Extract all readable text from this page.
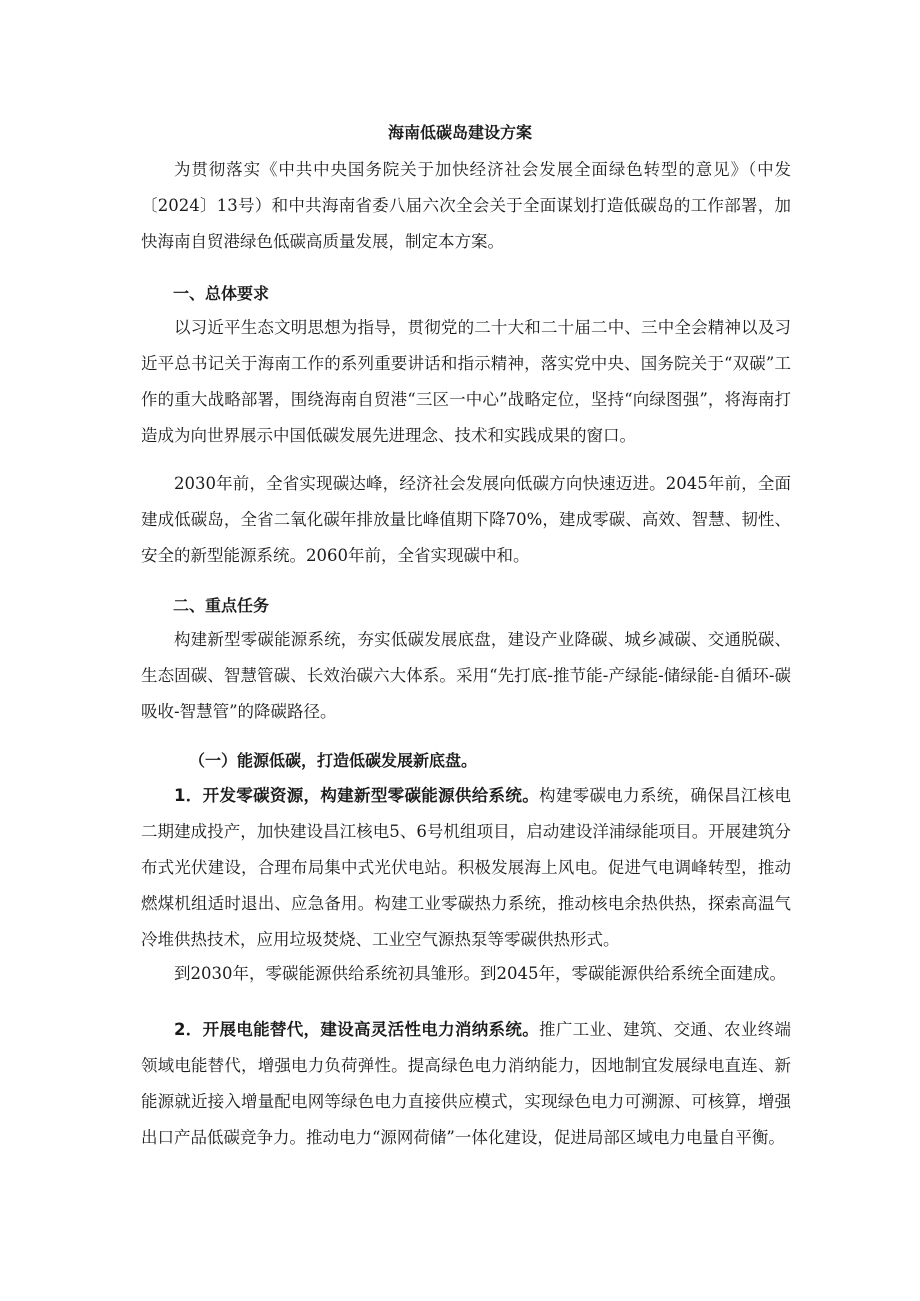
海南低碳岛建设方案

为贯彻落实《中共中央国务院关于加快经济社会发展全面绿色转型的意见》（中发〔2024〕13号）和中共海南省委八届六次全会关于全面谋划打造低碳岛的工作部署，加快海南自贸港绿色低碳高质量发展，制定本方案。

一、总体要求

以习近平生态文明思想为指导，贯彻党的二十大和二十届二中、三中全会精神以及习近平总书记关于海南工作的系列重要讲话和指示精神，落实党中央、国务院关于“双碳”工作的重大战略部署，围绕海南自贸港“三区一中心”战略定位，坚持“向绿图强”，将海南打造成为向世界展示中国低碳发展先进理念、技术和实践成果的窗口。

2030年前，全省实现碳达峰，经济社会发展向低碳方向快速迈进。2045年前，全面建成低碳岛，全省二氧化碳年排放量比峰值期下降70%，建成零碳、高效、智慧、韧性、安全的新型能源系统。2060年前，全省实现碳中和。

二、重点任务

构建新型零碳能源系统，夯实低碳发展底盘，建设产业降碳、城乡减碳、交通脱碳、生态固碳、智慧管碳、长效治碳六大体系。采用“先打底-推节能-产绿能-储绿能-自循环-碳吸收-智慧管”的降碳路径。

（一）能源低碳，打造低碳发展新底盘。

1．开发零碳资源，构建新型零碳能源供给系统。构建零碳电力系统，确保昌江核电二期建成投产，加快建设昌江核电5、6号机组项目，启动建设洋浦绿能项目。开展建筑分布式光伏建设，合理布局集中式光伏电站。积极发展海上风电。促进气电调峰转型，推动燃煤机组适时退出、应急备用。构建工业零碳热力系统，推动核电余热供热，探索高温气冷堆供热技术，应用垃圾焚烧、工业空气源热泵等零碳供热形式。

到2030年，零碳能源供给系统初具雏形。到2045年，零碳能源供给系统全面建成。

2．开展电能替代，建设高灵活性电力消纳系统。推广工业、建筑、交通、农业终端领域电能替代，增强电力负荷弹性。提高绿色电力消纳能力，因地制宜发展绿电直连、新能源就近接入增量配电网等绿色电力直接供应模式，实现绿色电力可溯源、可核算，增强出口产品低碳竞争力。推动电力“源网荷储”一体化建设，促进局部区域电力电量自平衡。
